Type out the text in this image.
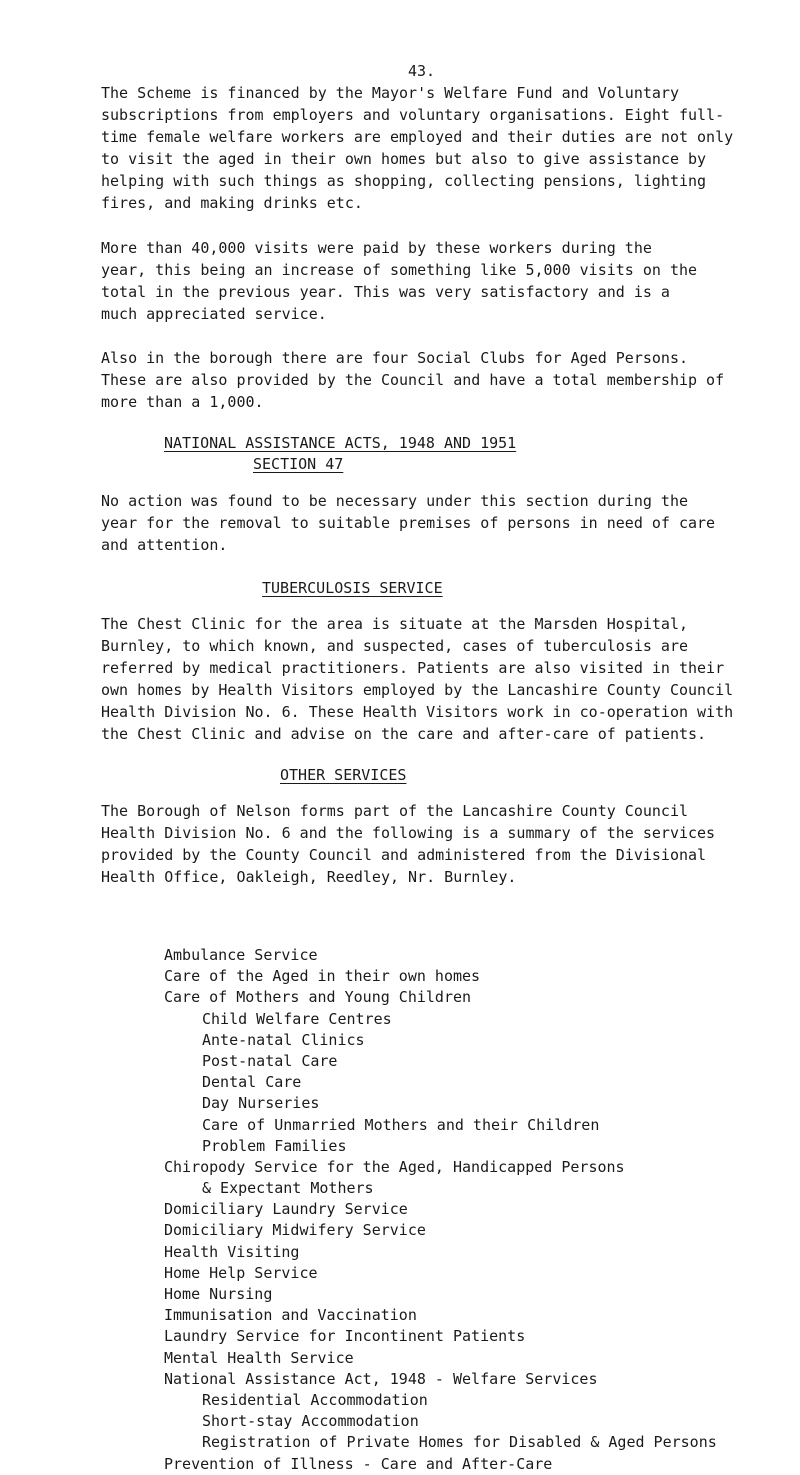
43.

The Scheme is financed by the Mayor's Welfare Fund and Voluntary
subscriptions from employers and voluntary organisations. Eight full-
time female welfare workers are employed and their duties are not only
to visit the aged in their own homes but also to give assistance by
helping with such things as shopping, collecting pensions, lighting
fires, and making drinks etc.

More than 40,000 visits were paid by these workers during the
year, this being an increase of something like 5,000 visits on the
total in the previous year. This was very satisfactory and is a
much appreciated service.

Also in the borough there are four Social Clubs for Aged Persons.
These are also provided by the Council and have a total membership of
more than a 1,000.

NATIONAL ASSISTANCE ACTS, 1948 AND 1951
SECTION 47

No action was found to be necessary under this section during the
year for the removal to suitable premises of persons in need of care
and attention.

TUBERCULOSIS SERVICE

The Chest Clinic for the area is situate at the Marsden Hospital,
Burnley, to which known, and suspected, cases of tuberculosis are
referred by medical practitioners. Patients are also visited in their
own homes by Health Visitors employed by the Lancashire County Council
Health Division No. 6. These Health Visitors work in co-operation with
the Chest Clinic and advise on the care and after-care of patients.

OTHER SERVICES

The Borough of Nelson forms part of the Lancashire County Council
Health Division No. 6 and the following is a summary of the services
provided by the County Council and administered from the Divisional
Health Office, Oakleigh, Reedley, Nr. Burnley.

Ambulance Service
Care of the Aged in their own homes
Care of Mothers and Young Children
Child Welfare Centres
Ante-natal Clinics
Post-natal Care
Dental Care
Day Nurseries
Care of Unmarried Mothers and their Children
Problem Families
Chiropody Service for the Aged, Handicapped Persons
& Expectant Mothers
Domiciliary Laundry Service
Domiciliary Midwifery Service
Health Visiting
Home Help Service
Home Nursing
Immunisation and Vaccination
Laundry Service for Incontinent Patients
Mental Health Service
National Assistance Act, 1948 - Welfare Services
Residential Accommodation
Short-stay Accommodation
Registration of Private Homes for Disabled & Aged Persons
Prevention of Illness - Care and After-Care
